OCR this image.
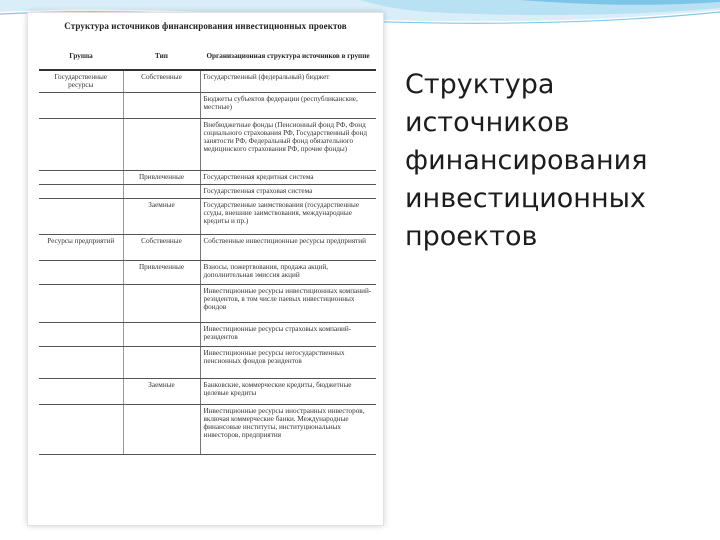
Структура источников финансирования инвестиционных проектов
Группа	Тип	Организационная структура источников в группе
Государственные ресурсы	Собственные	Государственный (федеральный) бюджет
		Бюджеты субъектов федерации (республиканские, местные)
		Внебюджетные фонды (Пенсионный фонд РФ, Фонд социального страхования РФ, Государственный фонд занятости РФ, Федеральный фонд обязательного медицинского страхования РФ, прочие фонды)
	Привлеченные	Государственная кредитная система
		Государственная страховая система
	Заемные	Государственные заимствования (государственные ссуды, внешние заимствования, международные кредиты и пр.)
Ресурсы предприятий	Собственные	Собственные инвестиционные ресурсы предприятий
	Привлеченные	Взносы, пожертвования, продажа акций, дополнительная эмиссия акций
		Инвестиционные ресурсы инвестиционных компаний-резидентов, в том числе паевых инвестиционных фондов
		Инвестиционные ресурсы страховых компаний-резидентов
		Инвестиционные ресурсы негосударственных пенсионных фондов резидентов
	Заемные	Банковские, коммерческие кредиты, бюджетные целевые кредиты
		Инвестиционные ресурсы иностранных инвесторов, включая коммерческие банки. Международные финансовые институты, институциональных инвесторов, предприятия
Структура
источников
финансирования
инвестиционных
проектов
